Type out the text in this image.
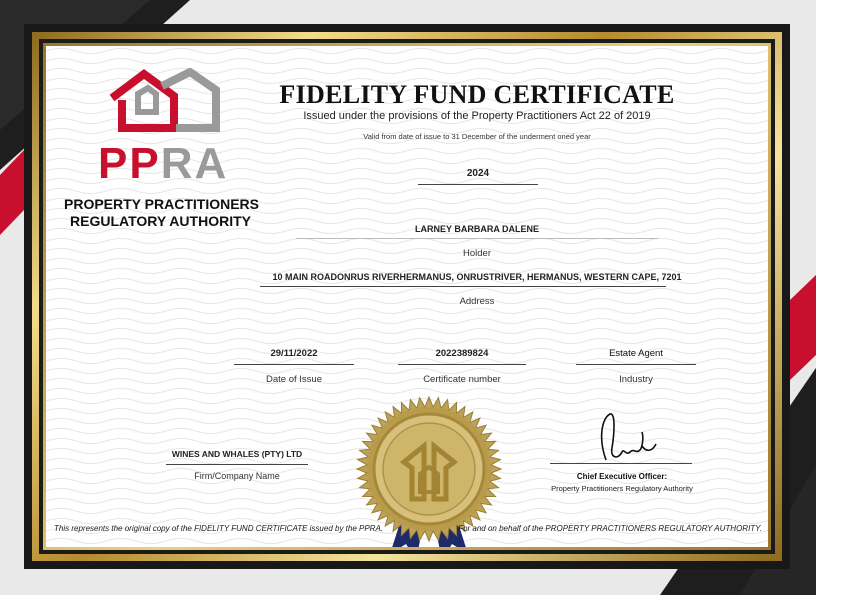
PPRA
PROPERTY PRACTITIONERS
REGULATORY AUTHORITY
FIDELITY FUND CERTIFICATE
Issued under the provisions of the Property Practitioners Act 22 of 2019
Valid from date of issue to 31 December of the underment oned year
2024
LARNEY BARBARA DALENE
Holder
10 MAIN ROADONRUS RIVERHERMANUS, ONRUSTRIVER, HERMANUS, WESTERN CAPE, 7201
Address
29/11/2022
Date of Issue
2022389824
Certificate number
Estate Agent
Industry
WINES AND WHALES (PTY) LTD
Firm/Company Name	Chief Executive Officer:
Property Practitioners Regulatory Authority
This represents the original copy of the FIDELITY FUND CERTIFICATE issued by the PPRA.	For and on behalf of the PROPERTY PRACTITIONERS REGULATORY AUTHORITY.
